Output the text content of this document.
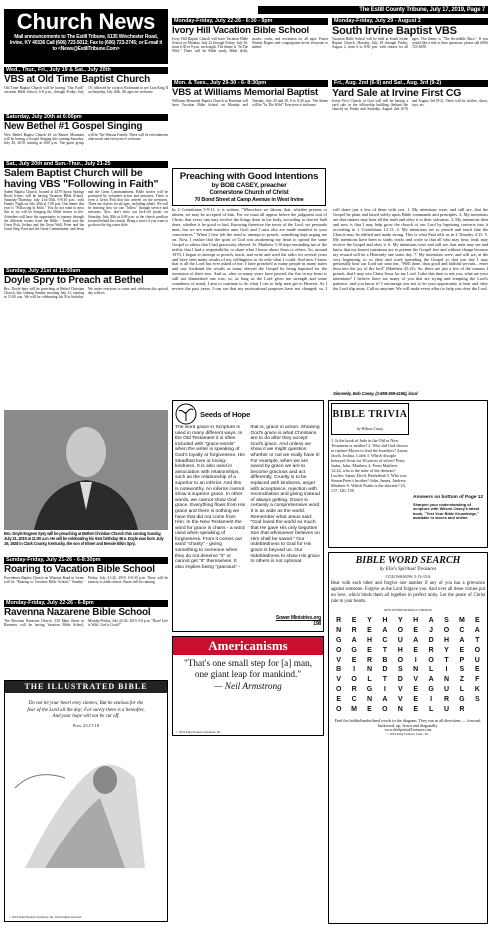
The Estill County Tribune, July 17, 2019, Page 7
Church News
Mail announcements to The Estill Tribune, 6135 Winchester Road, Irvine, KY 40336 Call (606) 723-5012; Fax to (606) 723-2745; or E-mail it to <News@EstillTribune.Com>
Wed., Thur., Fri., July 19 & Sat., July 20th
VBS at Old Time Baptist Church
Old Time Baptist Church will be having "Our Faith" vacation Bible School, 6-8 p.m., through Friday, July 19, followed by a trip to Richmond to see Lion King II on Saturday, July 20th. All ages are welcome.
Saturday, July 20th at 6:00pm
New Bethel #1 Gospel Singing
New Bethel Baptist Church #1 on Barnes Mountain will be having a Gospel Singing this coming Saturday, July 20, 2019, starting at 6:00 p.m. The guest group will be The Watson Family. There will be refreshments afterwards and everyone is welcome.
Sat., July 20th and Sun.-Thur., July 21-25
Salem Baptist Church will be having VBS "Following in Faith"
Salem Baptist Church, located at 4470 Spout Springs Road, Irvine, will be having Vacation Bible School, Saturday-Thursday, July 21st-25th, 6-8:30 p.m., with Family Night on July 26th at 7:00 p.m. Our theme this year is "Following in Faith." You do not want to miss this as we will be bringing the Bible stories to life. Attendees will have the opportunity to journey through the different scenes from the Bible - Jonah and the Great Fish, Joshua and the Great Wall, Peter and the Great Step, Paul and the Great Commitment, and Jesus and the Great Commandment. Bible stories will be portrayed by volunteer actors and narrators. There is even a Great Fish that has arrived on the premises. There are classes for all ages, including adults. We will be learning how we can "follow" through service and missions. Also, don't miss our kick-off picnic on Saturday, July 20th at 6:00 p.m. at the church pavilion located behind the church. Bring a towel if you want to go down the big water slide.
Sunday, July 21st at 11:00am
Doyle Spry to Preach at Bethel
Bro. Doyle Spry will be preaching at Bethel Christian Church, this coming Sunday morning July 21, starting at 11:00 a.m. We will be celebrating his 91st birthday. We invite everyone to come and celebrate this special day with us.
Bro. Doyle Eugene Spry will be preaching at Bethel Christian Church this coming Sunday, July 21, 2019 at 11:00 a.m. He will be celebrating his 91st birthday. Bro. Doyle was born July 19, 1928 in Clark County, Kentucky, the son of Elmer and Bessie Elkin Spry.
Sunday-Friday, July 21-26 - 6-8:30pm
Roaring to Vacation Bible School
Providence Baptist Church on Winston Road in Irvine will be "Roaring to Vacation Bible School," Sunday-Friday, July 21-26, 2019, 6-8:30 p.m. There will be nursery to adult classes. Buses will be running.
Monday-Friday, July 22-26 - 6-8pm
Ravenna Nazarene Bible School
The Ravenna Nazarene Church, 530 Main Street in Ravenna, will be having Vacation Bible School, Monday-Friday, July 22-26, 2019, 6-8 p.m. "Roar! Life is Wild, God is Good!"
THE ILLUSTRATED BIBLE
Do not let your heart envy sinners, But be zealous for the fear of the Lord all the day; For surely there is a hereafter, And your hope will not be cut off.
Prov. 23:17-18
© 2019 King Features Syndicate, Inc. World rights reserved.
Monday-Friday, July 22-26 - 6:30 - 9pm
Ivory Hill Vacation Bible School
Ivory Hill Baptist Church will have Vacation Bible School on Monday, July 22 through Friday, July 26, from 6:30 to 9 p.m. each night. The theme is "In The Wild." There will be Bible study, Bible drills, snacks, crafts, and recreation for all ages. Pastor Warren Rogers and congregation invite everyone to attend.
Monday-Friday, July 29 - August 2
South Irvine Baptist VBS
Vacation Bible School will be held at South Irvine Baptist Church, Monday, July 29 through Friday, August 2, from 6 to 8:30 p.m. with classes for all ages. The theme is "The Incredible Race." If you would like a ride or have questions, please call (606) 723-8298.
Mon. & Tues., July 29-30 - 6- 8:30pm
VBS at Williams Memorial Baptist
Williams Memorial Baptist Church in Ravenna will have Vacation Bible School on Monday and Tuesday, July 29 and 30, 6 to 8:30 p.m. The theme will be "In The Wild." Everyone is welcome.
Fri., Aug. 2nd (6-9) and Sat., Aug. 3rd (9-2)
Yard Sale at Irvine First CG
Irvine First Church of God will will be having a yard sale in the fellowship building (behind the church) on Friday and Saturday, August 2nd (6-9) and August 3rd (9-2). There will be clothes, shoes, toys, etc.
Preaching with Good Intentions
by BOB CASEY, preacher
Cornerstone Church of Christ
70 Bond Street at Camp Avenue in West Irvine
In 2 Corinthians 5:9-11, it is written, "Wherefore we labour, that, whether present or absent, we may be accepted of him. For we must all appear before the judgment seat of Christ; that every one may receive the things done in his body, according to that he hath done, whether it be good or bad. Knowing therefore the terror of the Lord, we persuade men; but we are made manifest unto God; and I trust also are made manifest in your consciences." When I first felt the need to attempt to preach, something kept urging me on. Now, I realize that the spirit of God was awakening my heart to spread the same Gospel to others that I had graciously obeyed. St. Matthew 5:16 kept reminding me of the reality that I had a responsibility to share what I know about Jesus to others. So, around 1970, I began to attempt to preach, teach, and write and used the radio for several years and have seen many results of my willingness to do only what I could. And now I know that is all the Lord has ever asked of me. I have preached to many people in many states and saw firsthand the results as many obeyed the Gospel by being baptized for the remission of their sins. And so, after so many years have passed, the fire in my heart is still not diminished one iota; so, as long as the Lord gives me strength and some soundness of mind, I aim to continue to do what I can to help men get to Heaven. As I review the past years, I can see that my motivational purposes have not changed; so, I will share just a few of them with you. 1. My intentions were, and still are, that the Gospel be plain and based solely upon Bible commands and principles. 2. My intentions are that sinners may hear all the truth and obey it to their salvation. 3. My intentions then and now is that I may help grow the church of our Lord by baptizing converts into it according to 1 Corinthians 12:13. 4. My intentions are to preach and teach that the Church may be edified and made strong. This is what Paul tells us in 2 Timothy 2:15. 5. My intentions have been to study, teach, and write so that all who may hear, read, may receive the Gospel and obey it. 6. My intentions were and still are, that men may see and know that my honest intentions are to present the Gospel free and without charge because my reward will be a Heavenly one some day. 7. My intentions were, and still are, at the very beginning, to so obey and work spreading the Gospel so that one day I may personally hear our Lord say unto me, "Well done, thou good and faithful servant... enter thou into the joy of thy lord" (Matthew 25:21). So, there are just a few of the reasons I preach, that I may win Christ Jesus for my Lord. I take this time to ask you, what are your intentions? I believe there are many of you that are trying and tempting the Lord's patience, and you know it! I encourage you not to let your opportunity to hear and obey the Lord slip away. Call us anytime. We will make every effort to help you obey the Lord.
Sincerely, Bob Casey, (1-859-369-4165), local
Seeds of Hope
The word grace in Scripture is used in many different ways. In the Old Testament it is often included with "grace-words" when the writer is speaking of God's loyalty or forgiveness, His steadfast love or loving-kindness. It is also used in association with relationships, such as the relationship of a superior to an inferior. And this is noteworthy. An inferior cannot show a superior grace. In other words, we cannot show God grace. Everything flows from His grace and there is nothing we have that did not come from Him. In the New Testament the word for grace is charis - a word used when speaking of forgiveness. From it comes our word "charity" - giving something to someone when they do not deserve "it" or cannot get "it" themselves. It also implies being "gracious" - that is, grace in action. Showing God's grace is what Christians are to do after they accept God's grace. And unless we show it we might question whether or not we really have it! For example, when we are saved by grace we are to become gracious and act differently. Cruelty is to be replaced with kindness, anger with acceptance, rejection with reconciliation and giving instead of always getting. Grace is certainly a comprehensive word. It is as wide as the world. Remember what Jesus said: "God loved the world so much that He gave His only begotten Son that whosoever believes on Him shall be saved." Our indebtedness to God for His grace is beyond us. Our indebtedness to show His grace to others is not optional.
Sower Ministries.org
198
BIBLE TRIVIA
by Wilson Casey
1. Is the book of Jude in the Old or New Testament or neither? 2. Who did God choose to replace Moses to lead the Israelites? Aaron, Jacob, Joshua, Caleb 3. Which disciple betrayed Jesus for 30 pieces of silver? Peter, Judas, John, Matthew 4. From Matthew 12:24, who is the ruler of the demons? Lucifer, Satan, Devil, Beelzebub 5. Who was Simon Peter's brother? John, James, Andrew, Matthew 6. Which Psalm is the shortest? 23, 117, 120, 150
Answers on bottom of Page 12
Sharpen your understanding of scripture with Wilson Casey's latest book, "Test Your Bible Knowledge," available in stores and online.
Americanisms
"That's one small step for [a] man, one giant leap for mankind."
— Neil Armstrong
© 2019 King Features Syndicate, Inc.
BIBLE WORD SEARCH
by Elie's Spiritual Treasures
COLOSSIANS 3:13-15A
Bear with each other and forgive one another if any of you has a grievance against someone. Forgive as the Lord forgave you. And over all these virtues put on love, which binds them all together in perfect unity. Let the peace of Christ rule in your hearts.
NEW INTERNATIONAL VERSION
R	E	Y	H	Y	H	A	S	M	E
N	R	E	A	O	E	J	O	C	A
G	A	H	C	U	A	D	H	A	T
O	G	E	T	H	E	R	Y	E	O
V	E	R	B	O	I	O	T	P	U
B	I	N	D	S	N	L	I	S	E
V	O	L	T	D	V	A	N	Z	F
O	R	G	I	V	E	G	U	L	K
E	C	N	A	V	E	I	R	G	S
O	M	E	O	N	E	L	U	R
Find the bolded/underlined words in the diagram. They run in all directions — forward, backward, up, down and diagonally.
www.elieSpiritualTreasures.com
© 2019 King Features Synd., Inc.
